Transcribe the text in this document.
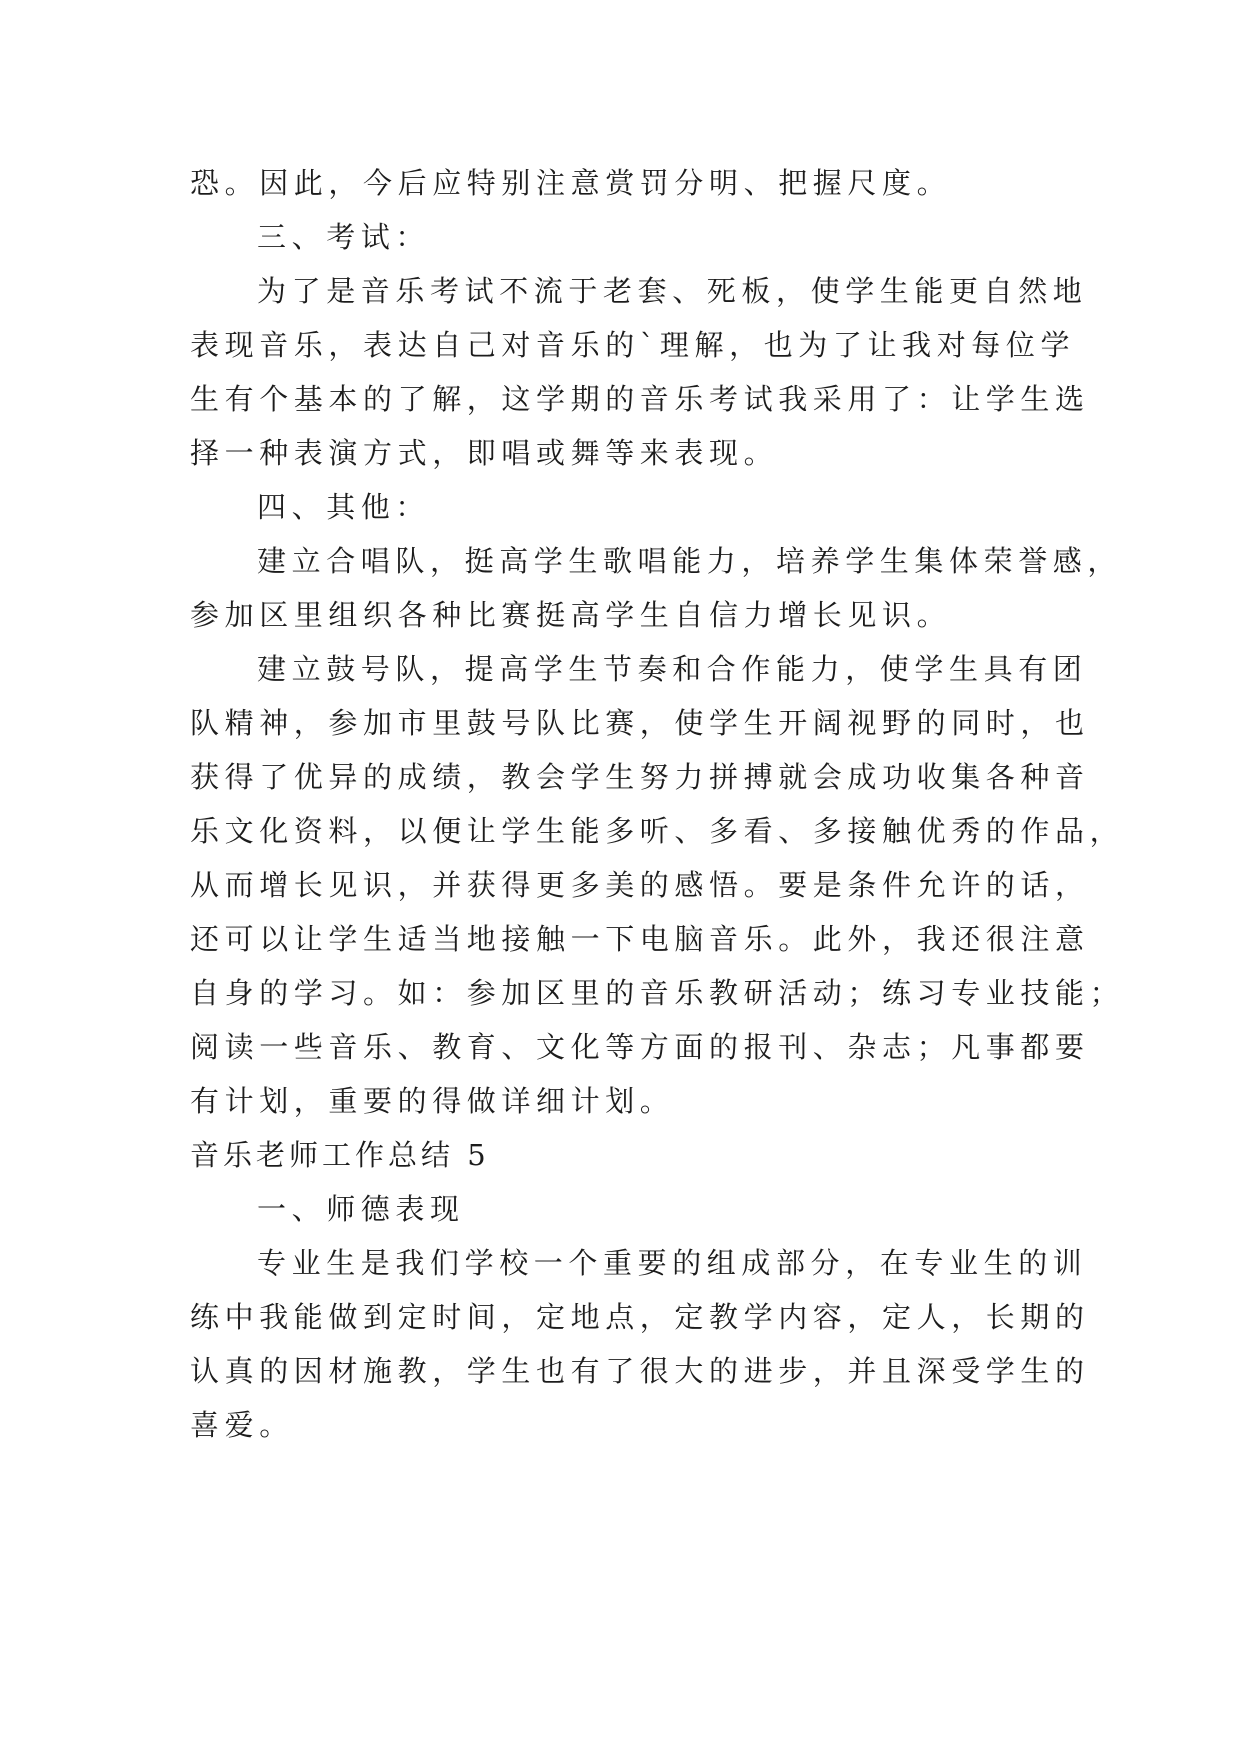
恐。因此，今后应特别注意赏罚分明、把握尺度。
三、考试：
为了是音乐考试不流于老套、死板，使学生能更自然地
表现音乐，表达自己对音乐的`理解，也为了让我对每位学
生有个基本的了解，这学期的音乐考试我采用了：让学生选
择一种表演方式，即唱或舞等来表现。
四、其他：
建立合唱队，挺高学生歌唱能力，培养学生集体荣誉感，
参加区里组织各种比赛挺高学生自信力增长见识。
建立鼓号队，提高学生节奏和合作能力，使学生具有团
队精神，参加市里鼓号队比赛，使学生开阔视野的同时，也
获得了优异的成绩，教会学生努力拼搏就会成功收集各种音
乐文化资料，以便让学生能多听、多看、多接触优秀的作品，
从而增长见识，并获得更多美的感悟。要是条件允许的话，
还可以让学生适当地接触一下电脑音乐。此外，我还很注意
自身的学习。如：参加区里的音乐教研活动；练习专业技能；
阅读一些音乐、教育、文化等方面的报刊、杂志；凡事都要
有计划，重要的得做详细计划。
音乐老师工作总结 5
一、师德表现
专业生是我们学校一个重要的组成部分，在专业生的训
练中我能做到定时间，定地点，定教学内容，定人，长期的
认真的因材施教，学生也有了很大的进步，并且深受学生的
喜爱。
